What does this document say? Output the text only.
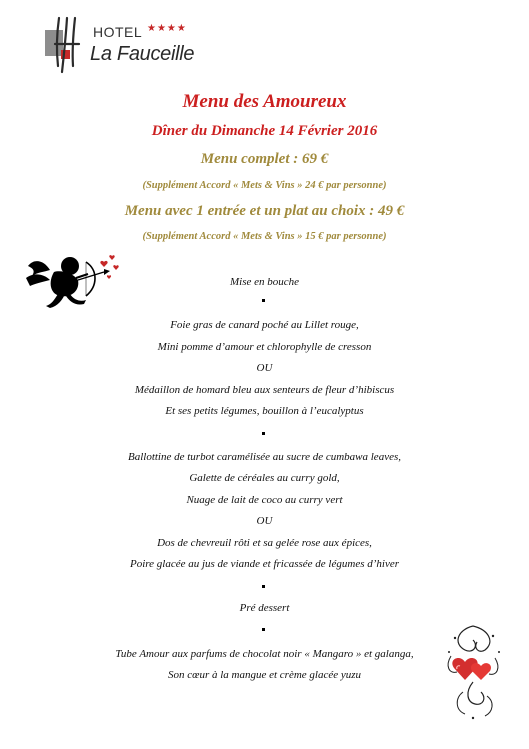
HOTEL ★★★★
La Fauceille
Menu des Amoureux
Dîner du Dimanche 14 Février 2016
Menu complet : 69 €
(Supplément Accord « Mets & Vins » 24 € par personne)
Menu avec 1 entrée et un plat au choix : 49 €
(Supplément Accord « Mets & Vins » 15 € par personne)
Mise en bouche
Foie gras de canard poché au Lillet rouge,
Mini pomme d’amour et chlorophylle de cresson
OU
Médaillon de homard bleu aux senteurs de fleur d’hibiscus
Et ses petits légumes, bouillon à l’eucalyptus
Ballottine de turbot caramélisée au sucre de cumbawa leaves,
Galette de céréales au curry gold,
Nuage de lait de coco au curry vert
OU
Dos de chevreuil rôti et sa gelée rose aux épices,
Poire glacée au jus de viande et fricassée de légumes d’hiver
Pré dessert
Tube Amour aux parfums de chocolat noir « Mangaro » et galanga,
Son cœur à la mangue et crème glacée yuzu
